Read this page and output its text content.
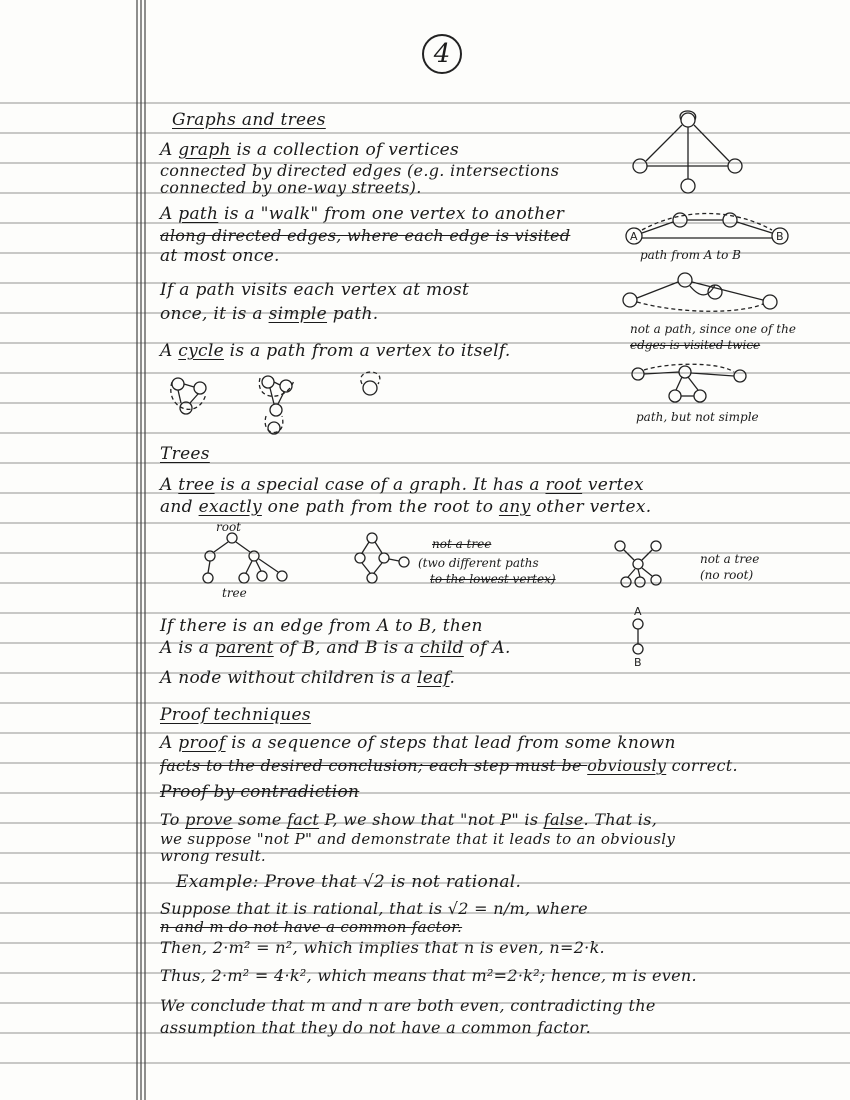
4
Graphs and trees
A graph is a collection of vertices
connected by directed edges (e.g. intersections
connected by one-way streets).
A path is a "walk" from one vertex to another
along directed edges, where each edge is visited
at most once.
If a path visits each vertex at most
once, it is a simple path.
A cycle is a path from a vertex to itself.
A	B
path from A to B
not a path, since one of the
edges is visited twice
path, but not simple
Trees
A tree is a special case of a graph. It has a root vertex
and exactly one path from the root to any other vertex.
root
tree
not a tree
(two different paths
to the lowest vertex)
not a tree
(no root)
If there is an edge from A to B, then
A is a parent of B, and B is a child of A.
A
B
A node without children is a leaf.
Proof techniques
A proof is a sequence of steps that lead from some known
facts to the desired conclusion; each step must be obviously correct.
Proof by contradiction
To prove some fact P, we show that "not P" is false. That is,
we suppose "not P" and demonstrate that it leads to an obviously
wrong result.
Example: Prove that √2 is not rational.
Suppose that it is rational, that is √2 = n/m, where
n and m do not have a common factor.
Then, 2·m² = n², which implies that n is even, n=2·k.
Thus, 2·m² = 4·k², which means that m²=2·k²; hence, m is even.
We conclude that m and n are both even, contradicting the
assumption that they do not have a common factor.
